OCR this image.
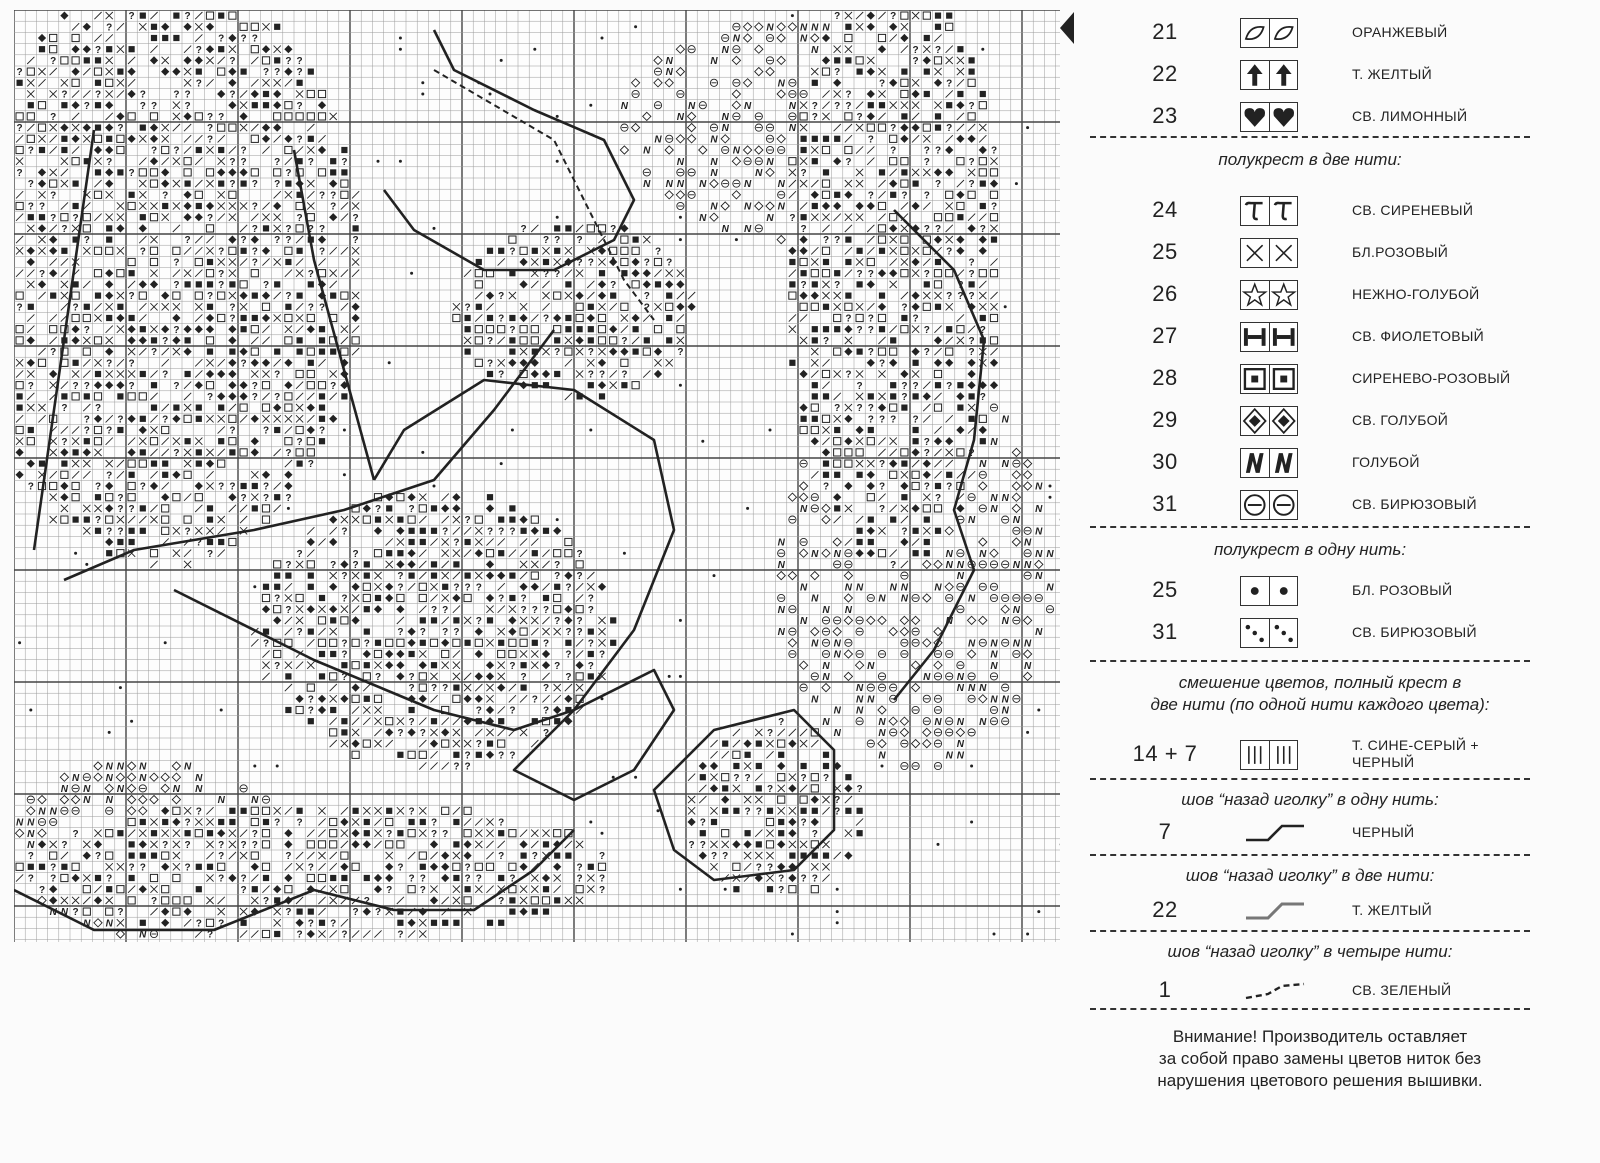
?	?	?	?
?	N	N N N
? ? ?	N	N
?	?	N	N	? ?
?	?	? ?	N	N	?
?	? ? ?	N	?
?	N	?	?
?	?	?	? ?	?	?
?	? ?	?	?	N	N	N	N ? ? ?	?
?	? ?	N	N	?	?
?	?	?	N	N	?	?
?	?	N	N	?
?	? ?	?	N	N	?	? ?	?
?	? ?	?	?	?	N	N	N	?	?	?
?	?	?	N	N	?
?	? ? ?	N N N N	N	N	?	?
?	?	? ?	?	? ?
? ?	?	?	N	N	N	?
? ?	?	?	?	N	N ?
?	?	? ? ?	?	?	N N	?	? ?	?
?	?	?	? ?	?	? ? ?	? ?
?	?	?	?	?	?	?
?	?	? ?	? ?	?
?	?	?	? ?	? ?	?	?
?	?	?	?	?	?	?
?	?	?	?	?	? ? ?
?	?	?	? ?	?	?	?
?	?	?	? ?	?
?	?	?	? ?	?	?
?	?	?	?	?
?	?	?	?	?	?	?	?
? ?	?	?	?
?	?	?	? ? ?	?
?	? ?	?	?	?	?	?	? ?	?
?	? ?	?	?
?	?	? ? ?
?	?	?	? ? ? ?	N
? ?	?	?	?
?	?	?	N
?	?	?	?
?	?	N N
?
?	?	?	? ?	?	?	?	? ?	N
?	? ? ?	?	N N
? ?	?	?	N	?	N	N
?	?	N	N
? ?	?	?	?	? ? ?	?	N
?	?	N	N
?	?	?	?	N N	N	N	N N
?	? ?	?	N	?	N N	N N
?	?	? ?	N	N
?	? ? ?	?	N	N N	N N	N	N
?	?	? ?	?	N	N N	N
?	? ?	? ? ?	?	N	N N	N
?	? ?	N	N	N
?	? ? ? ?	? ?	N	N
?	? ?	?	?	N N	N N N N
?	?	?	N	N
?	?	?	?	N	N	N	N
?	?	?	?	?	N	N	N
? ? ?	?	N	N N N
?	?	N	N N	N N
?	?	?	?	N N	N
?	?	N	N	N N N
? ?	?	?	N	N
?	N
?	? ?	N	N N
N N N	N	? ?
N	N	N	N	? ?	? ?
N N	N	N N	?	?
N N	N	N	?
N N	?	?	? ?	?
N N	?	? ?	?	?	?	?
N	?	?	?	? ?	?
N	?	? ?	? ? ?	? ?
?	?	?	?	?	?	?	? ?
?	? ?	?	?	?	?	?	? ?
? ?	?	? ?	? ?	? ?	?	? ?	? ? ?
?	?	?	?	?	?
?	?	?	?
N N ?	?	?	? ?
N N	? ?	? ?
N	?	?	?	?
21	ОРАНЖЕВЫЙ
22	Т. ЖЕЛТЫЙ
23	СВ. ЛИМОННЫЙ
полукрест в две нити:
24	СВ. СИРЕНЕВЫЙ
25	БЛ.РОЗОВЫЙ
26	НЕЖНО-ГОЛУБОЙ
27	СВ. ФИОЛЕТОВЫЙ
28	СИРЕНЕВО-РОЗОВЫЙ
29	СВ. ГОЛУБОЙ
30	ГОЛУБОЙ
31	СВ. БИРЮЗОВЫЙ
полукрест в одну нить:
25	БЛ. РОЗОВЫЙ
31	СВ. БИРЮЗОВЫЙ
смешение цветов, полный крест в
две нити (по одной нити каждого цвета):
14 + 7	Т. СИНЕ-СЕРЫЙ +
ЧЕРНЫЙ
шов “назад иголку” в одну нить:
7	ЧЕРНЫЙ
шов “назад иголку” в две нити:
22	Т. ЖЕЛТЫЙ
шов “назад иголку” в четыре нити:
1	СВ. ЗЕЛЕНЫЙ
Внимание! Производитель оставляет
за собой право замены цветов ниток без
нарушения цветового решения вышивки.
